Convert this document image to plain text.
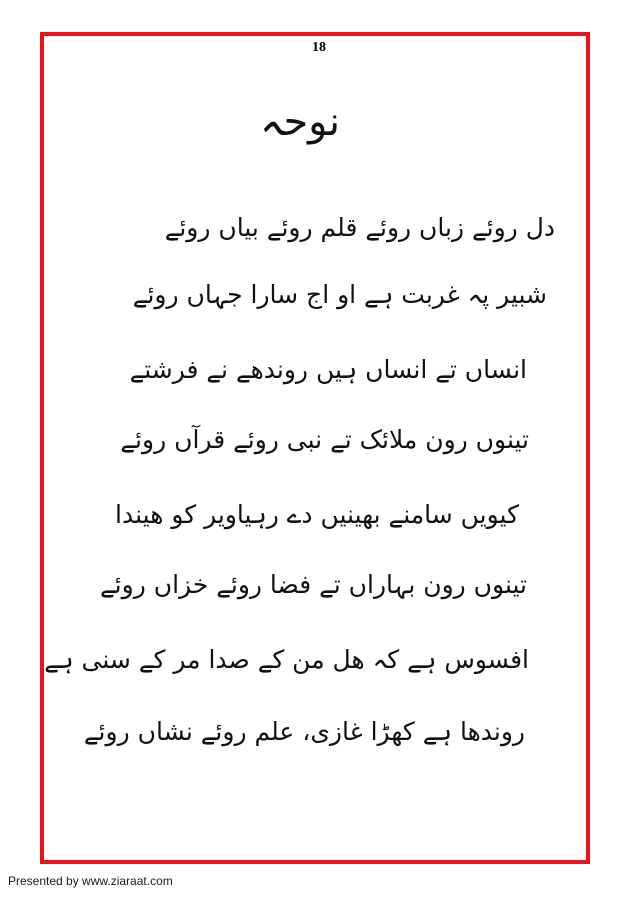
18
نوحہ
دل روئے زباں روئے قلم روئے بیاں روئے
شبیر پہ غربت ہے او اج سارا جہاں روئے
انساں تے انساں ہیں روندھے نے فرشتے
تینوں رون ملائک تے نبی روئے قرآں روئے
کیویں سامنے بھینیں دے رہیاویر کو ھیندا
تینوں رون بہاراں تے فضا روئے خزاں روئے
افسوس ہے کہ ھل من کے صدا مر کے سنی ہے
روندھا ہے کھڑا غازی، علم روئے نشاں روئے
Presented by www.ziaraat.com
